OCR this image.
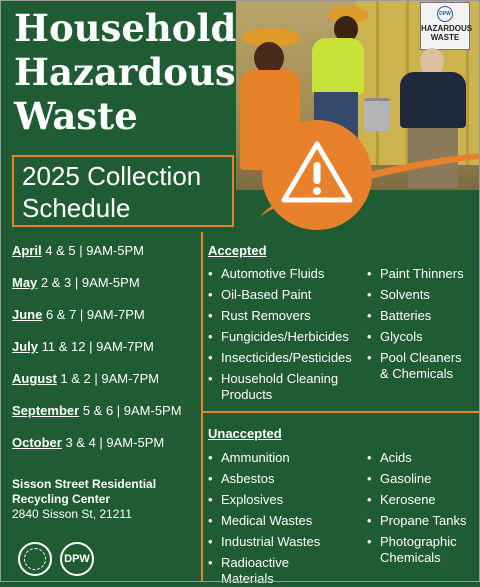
Household
Hazardous
Waste
DPW
HAZARDOUS
WASTE
2025 Collection
Schedule
April 4 & 5 | 9AM-5PM
May 2 & 3 | 9AM-5PM
June 6 & 7 | 9AM-7PM
July 11 & 12 | 9AM-7PM
August 1 & 2 | 9AM-7PM
September 5 & 6 | 9AM-5PM
October 3 & 4 | 9AM-5PM
Sisson Street Residential
Recycling Center
2840 Sisson St, 21211
DPW
Accepted
• Automotive Fluids
• Oil-Based Paint
• Rust Removers
• Fungicides/Herbicides
• Insecticides/Pesticides
• Household Cleaning
Products
• Paint Thinners
• Solvents
• Batteries
• Glycols
• Pool Cleaners
& Chemicals
Unaccepted
• Ammunition
• Asbestos
• Explosives
• Medical Wastes
• Industrial Wastes
• Radioactive
Materials
• Acids
• Gasoline
• Kerosene
• Propane Tanks
• Photographic
Chemicals
